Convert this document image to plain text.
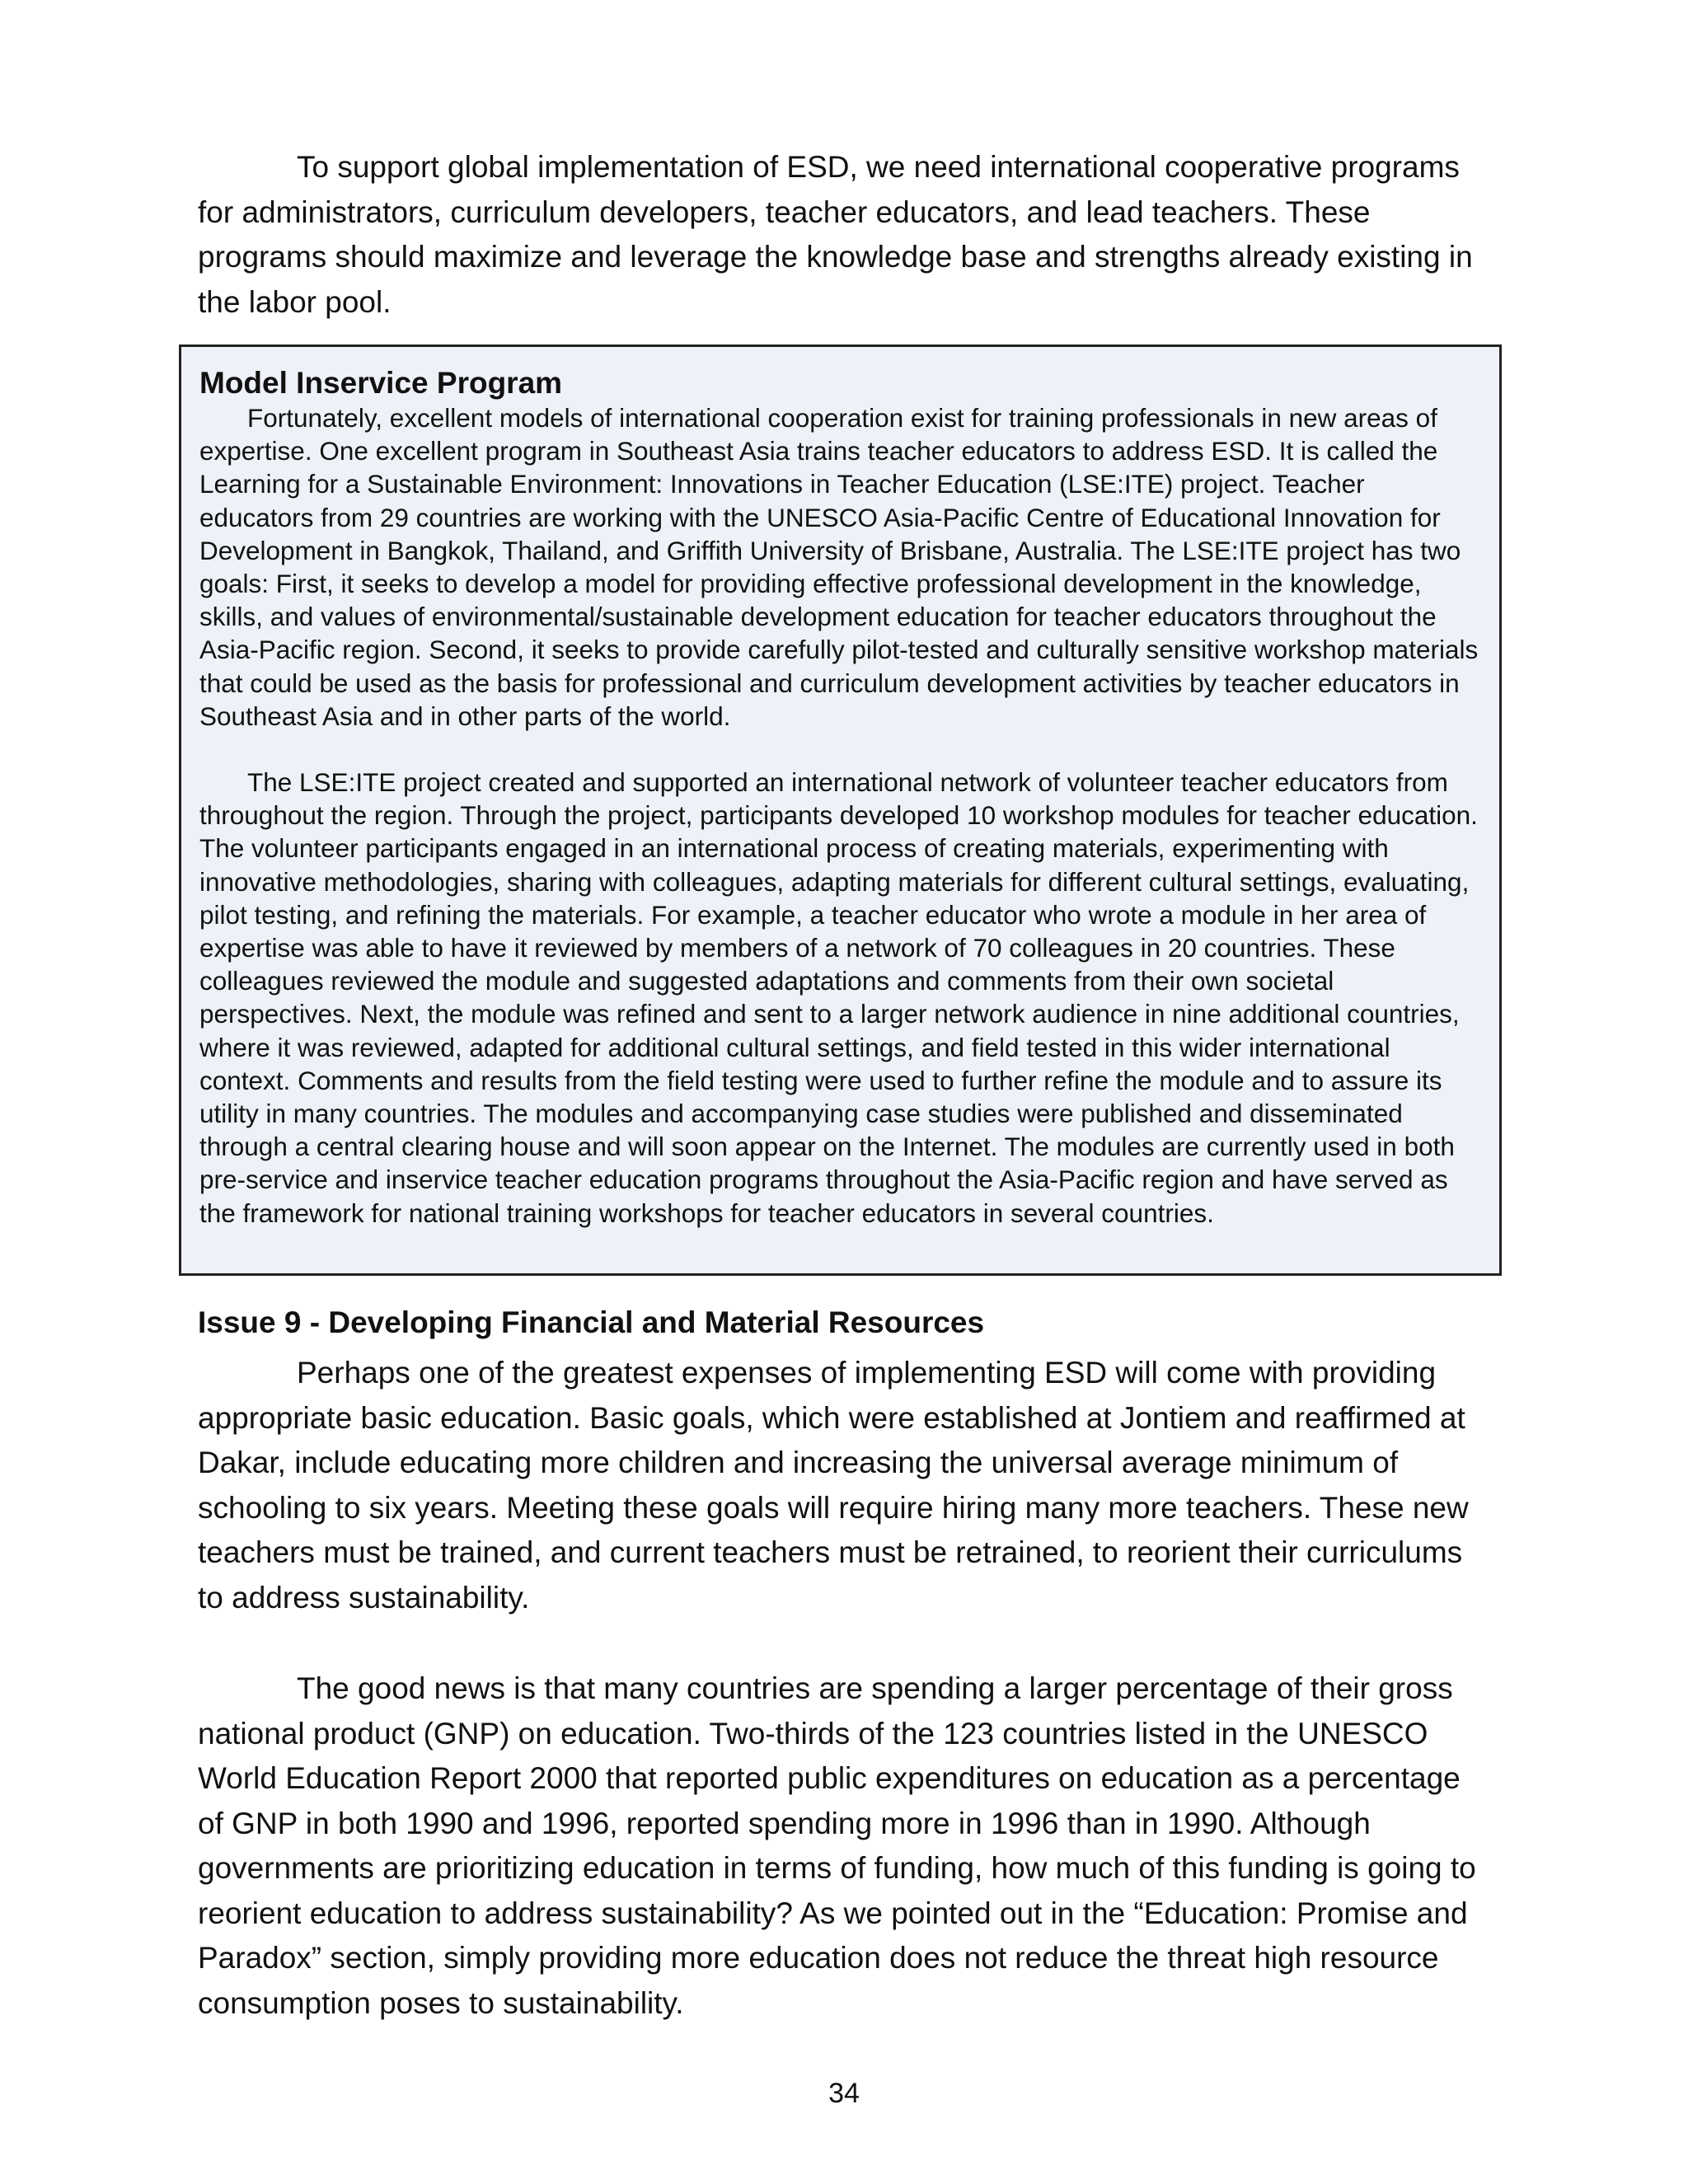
To support global implementation of ESD, we need international cooperative programs for administrators, curriculum developers, teacher educators, and lead teachers. These programs should maximize and leverage the knowledge base and strengths already existing in the labor pool.

Model Inservice Program

Fortunately, excellent models of international cooperation exist for training professionals in new areas of expertise. One excellent program in Southeast Asia trains teacher educators to address ESD. It is called the Learning for a Sustainable Environment: Innovations in Teacher Education (LSE:ITE) project. Teacher educators from 29 countries are working with the UNESCO Asia-Pacific Centre of Educational Innovation for Development in Bangkok, Thailand, and Griffith University of Brisbane, Australia. The LSE:ITE project has two goals: First, it seeks to develop a model for providing effective professional development in the knowledge, skills, and values of environmental/sustainable development education for teacher educators throughout the Asia-Pacific region. Second, it seeks to provide carefully pilot-tested and culturally sensitive workshop materials that could be used as the basis for professional and curriculum development activities by teacher educators in Southeast Asia and in other parts of the world.

The LSE:ITE project created and supported an international network of volunteer teacher educators from throughout the region. Through the project, participants developed 10 workshop modules for teacher education. The volunteer participants engaged in an international process of creating materials, experimenting with innovative methodologies, sharing with colleagues, adapting materials for different cultural settings, evaluating, pilot testing, and refining the materials. For example, a teacher educator who wrote a module in her area of expertise was able to have it reviewed by members of a network of 70 colleagues in 20 countries. These colleagues reviewed the module and suggested adaptations and comments from their own societal perspectives. Next, the module was refined and sent to a larger network audience in nine additional countries, where it was reviewed, adapted for additional cultural settings, and field tested in this wider international context. Comments and results from the field testing were used to further refine the module and to assure its utility in many countries. The modules and accompanying case studies were published and disseminated through a central clearing house and will soon appear on the Internet. The modules are currently used in both pre-service and inservice teacher education programs throughout the Asia-Pacific region and have served as the framework for national training workshops for teacher educators in several countries.

Issue 9 - Developing Financial and Material Resources

Perhaps one of the greatest expenses of implementing ESD will come with providing appropriate basic education. Basic goals, which were established at Jontiem and reaffirmed at Dakar, include educating more children and increasing the universal average minimum of schooling to six years. Meeting these goals will require hiring many more teachers. These new teachers must be trained, and current teachers must be retrained, to reorient their curriculums to address sustainability.

The good news is that many countries are spending a larger percentage of their gross national product (GNP) on education. Two-thirds of the 123 countries listed in the UNESCO World Education Report 2000 that reported public expenditures on education as a percentage of GNP in both 1990 and 1996, reported spending more in 1996 than in 1990. Although governments are prioritizing education in terms of funding, how much of this funding is going to reorient education to address sustainability? As we pointed out in the “Education: Promise and Paradox” section, simply providing more education does not reduce the threat high resource consumption poses to sustainability.

34
